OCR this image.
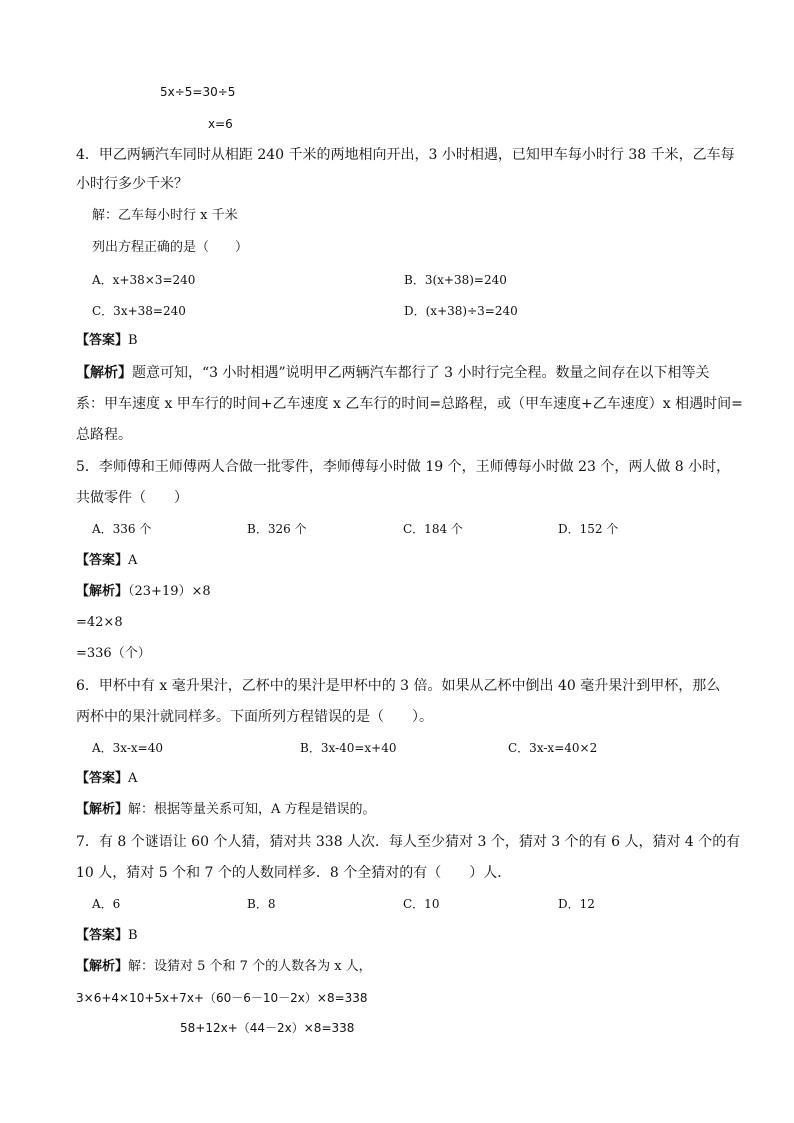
5x÷5=30÷5
x=6
4．甲乙两辆汽车同时从相距 240 千米的两地相向开出，3 小时相遇，已知甲车每小时行 38 千米，乙车每
小时行多少千米？
解：乙车每小时行 x 千米
列出方程正确的是（　　）
A．x+38×3=240	B．3(x+38)=240
C．3x+38=240	D．(x+38)÷3=240
【答案】B
【解析】题意可知，“3 小时相遇”说明甲乙两辆汽车都行了 3 小时行完全程。数量之间存在以下相等关
系：甲车速度 x 甲车行的时间+乙车速度 x 乙车行的时间=总路程，或（甲车速度+乙车速度）x 相遇时间=
总路程。
5．李师傅和王师傅两人合做一批零件，李师傅每小时做 19 个，王师傅每小时做 23 个，两人做 8 小时，
共做零件（　　）
A．336 个	B．326 个	C．184 个	D．152 个
【答案】A
【解析】（23+19）×8
=42×8
=336（个）
6．甲杯中有 x 毫升果汁，乙杯中的果汁是甲杯中的 3 倍。如果从乙杯中倒出 40 毫升果汁到甲杯，那么
两杯中的果汁就同样多。下面所列方程错误的是（　　）。
A．3x-x=40	B．3x-40=x+40	C．3x-x=40×2
【答案】A
【解析】解：根据等量关系可知，A 方程是错误的。
7．有 8 个谜语让 60 个人猜，猜对共 338 人次．每人至少猜对 3 个，猜对 3 个的有 6 人，猜对 4 个的有
10 人，猜对 5 个和 7 个的人数同样多．8 个全猜对的有（　　）人．
A．6	B．8	C．10	D．12
【答案】B
【解析】解：设猜对 5 个和 7 个的人数各为 x 人，
3×6+4×10+5x+7x+（60－6－10－2x）×8=338
58+12x+（44－2x）×8=338
